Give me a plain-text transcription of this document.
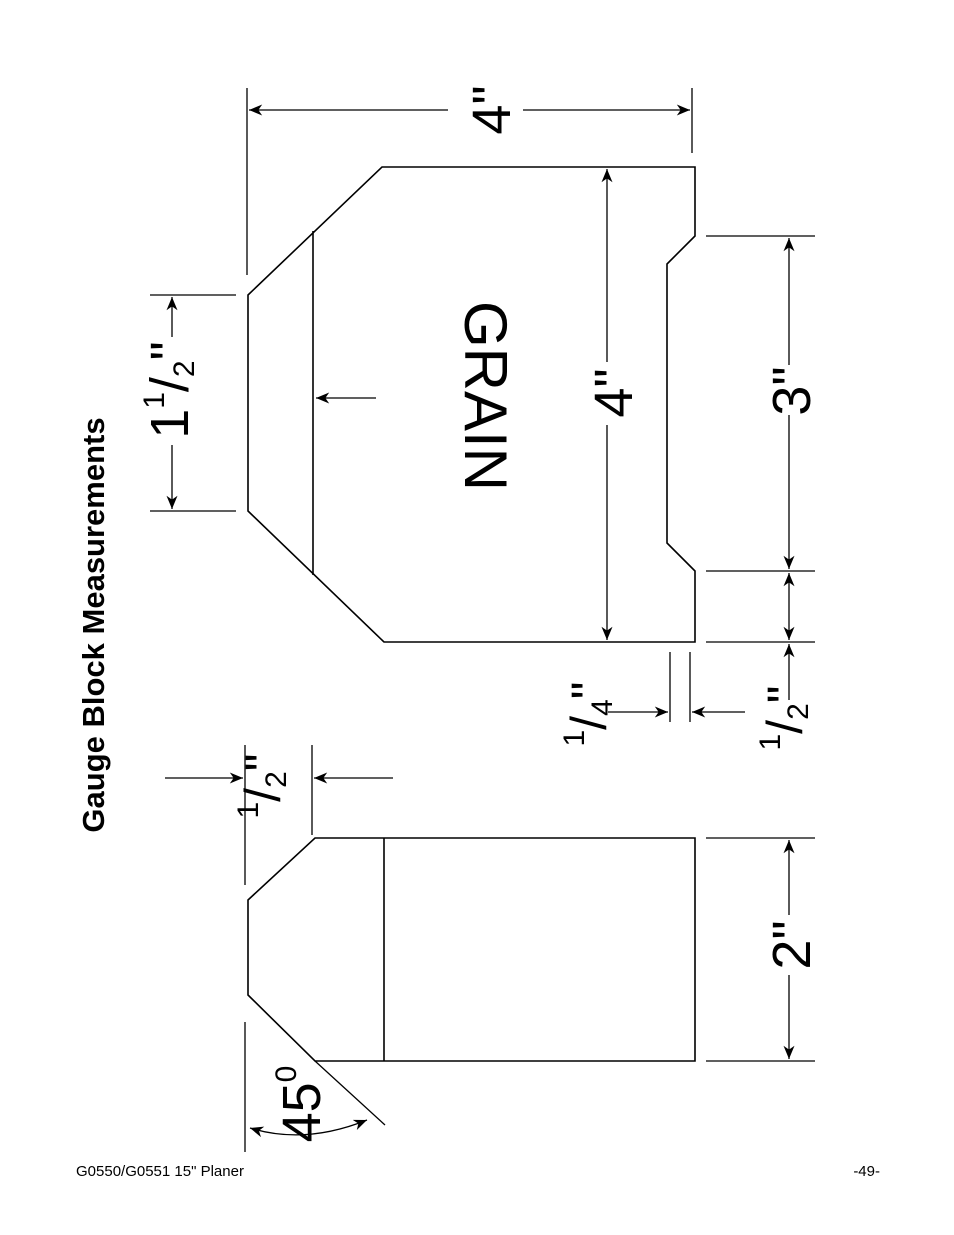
Gauge Block Measurements
4"
4"
GRAIN
$1^1/2$"
3"
$^1$/4"
$^1$/2"
$^1$/2"
2"
$45^0$
G0550/G0551 15" Planer	-49-
